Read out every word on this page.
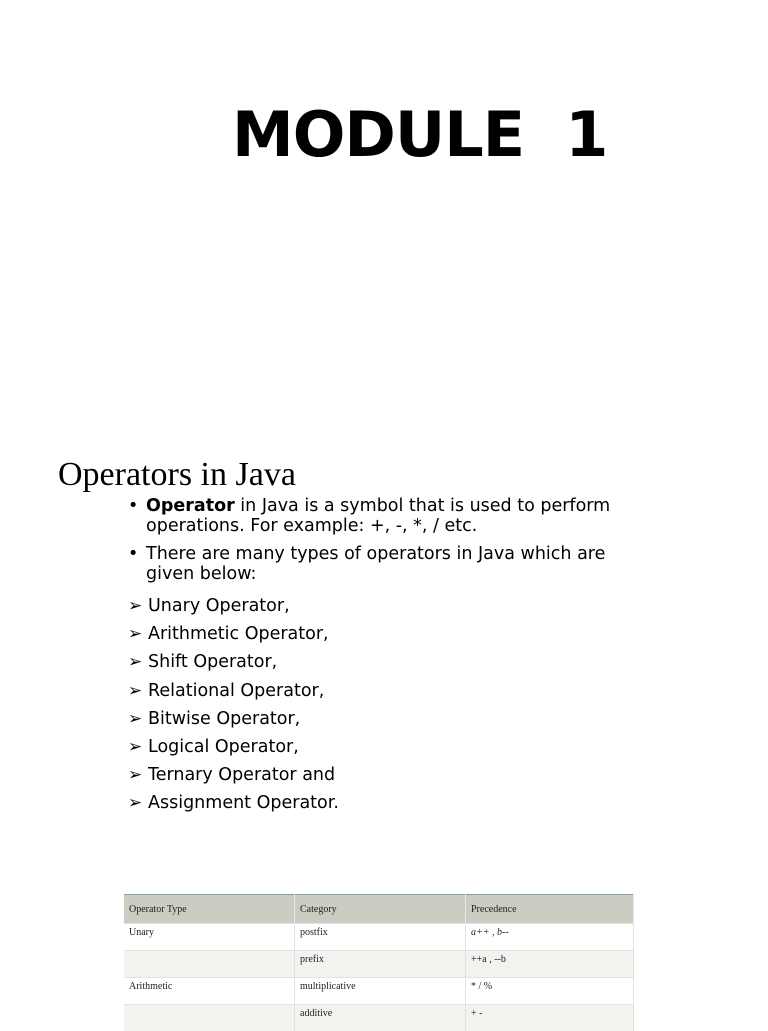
MODULE  1
Operators in Java
• Operator in Java is a symbol that is used to perform operations. For example: +, -, *, / etc.
• There are many types of operators in Java which are given below:
➢ Unary Operator,
➢ Arithmetic Operator,
➢ Shift Operator,
➢ Relational Operator,
➢ Bitwise Operator,
➢ Logical Operator,
➢ Ternary Operator and
➢ Assignment Operator.
Operator Type	Category	Precedence
Unary	postfix	a++ , b--
	prefix	++a , --b
Arithmetic	multiplicative	* / %
	additive	+ -
